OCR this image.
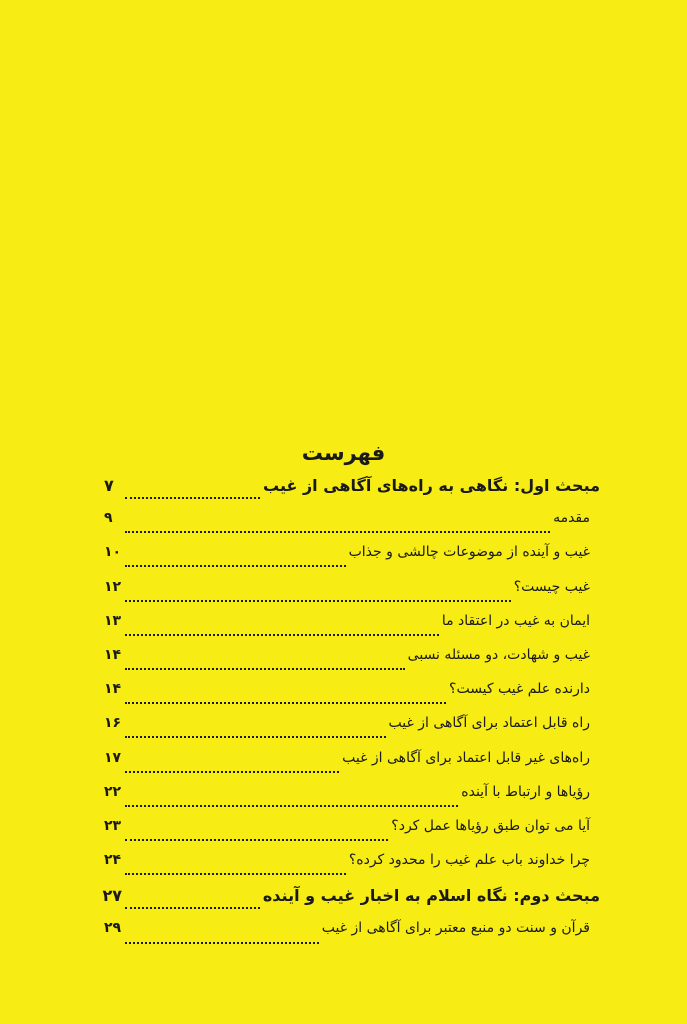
فهرست
مبحث اول: نگاهی به راه‌های آگاهی از غیب
۷
مقدمه
۹
غیب و آینده از موضوعات چالشی و جذاب
۱۰
غیب چیست؟
۱۲
ایمان به غیب در اعتقاد ما
۱۳
غیب و شهادت، دو مسئله نسبی
۱۴
دارنده علم غیب کیست؟
۱۴
راه قابل اعتماد برای آگاهی از غیب
۱۶
راه‌های غیر قابل اعتماد برای آگاهی از غیب
۱۷
رؤیاها و ارتباط با آینده
۲۲
آیا می توان طبق رؤیاها عمل کرد؟
۲۳
چرا خداوند باب علم غیب را محدود کرده؟
۲۴
مبحث دوم: نگاه اسلام به اخبار غیب و آینده
۲۷
قرآن و سنت دو منبع معتبر برای آگاهی از غیب
۲۹
